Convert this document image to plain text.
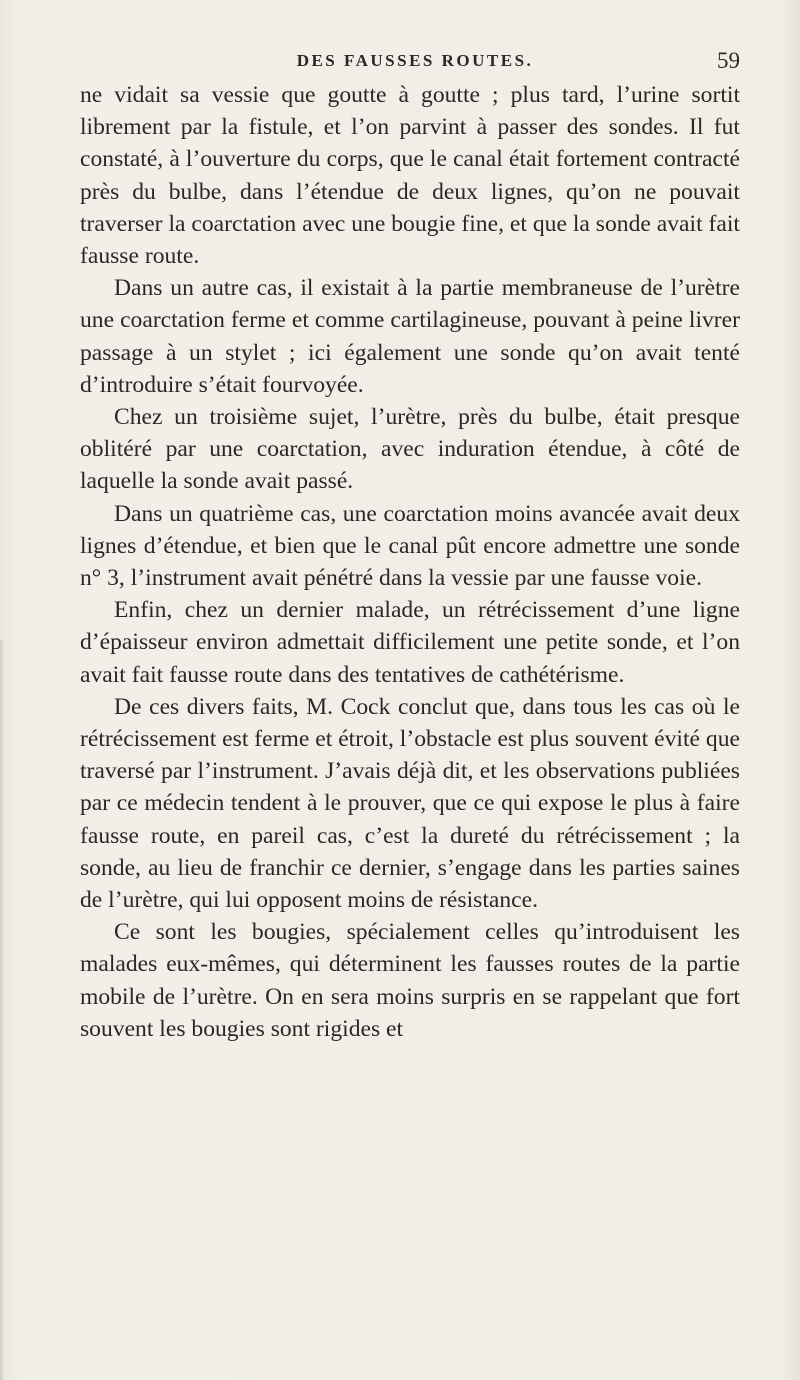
DES FAUSSES ROUTES.	59

ne vidait sa vessie que goutte à goutte ; plus tard, l’urine sortit librement par la fistule, et l’on parvint à passer des sondes. Il fut constaté, à l’ouverture du corps, que le canal était fortement contracté près du bulbe, dans l’étendue de deux lignes, qu’on ne pouvait traverser la coarctation avec une bougie fine, et que la sonde avait fait fausse route.

Dans un autre cas, il existait à la partie membraneuse de l’urètre une coarctation ferme et comme cartilagineuse, pouvant à peine livrer passage à un stylet ; ici également une sonde qu’on avait tenté d’introduire s’était fourvoyée.

Chez un troisième sujet, l’urètre, près du bulbe, était presque oblitéré par une coarctation, avec induration étendue, à côté de laquelle la sonde avait passé.

Dans un quatrième cas, une coarctation moins avancée avait deux lignes d’étendue, et bien que le canal pût encore admettre une sonde n° 3, l’instrument avait pénétré dans la vessie par une fausse voie.

Enfin, chez un dernier malade, un rétrécissement d’une ligne d’épaisseur environ admettait difficilement une petite sonde, et l’on avait fait fausse route dans des tentatives de cathétérisme.

De ces divers faits, M. Cock conclut que, dans tous les cas où le rétrécissement est ferme et étroit, l’obstacle est plus souvent évité que traversé par l’instrument. J’avais déjà dit, et les observations publiées par ce médecin tendent à le prouver, que ce qui expose le plus à faire fausse route, en pareil cas, c’est la dureté du rétrécissement ; la sonde, au lieu de franchir ce dernier, s’engage dans les parties saines de l’urètre, qui lui opposent moins de résistance.

Ce sont les bougies, spécialement celles qu’introduisent les malades eux-mêmes, qui déterminent les fausses routes de la partie mobile de l’urètre. On en sera moins surpris en se rappelant que fort souvent les bougies sont rigides et
